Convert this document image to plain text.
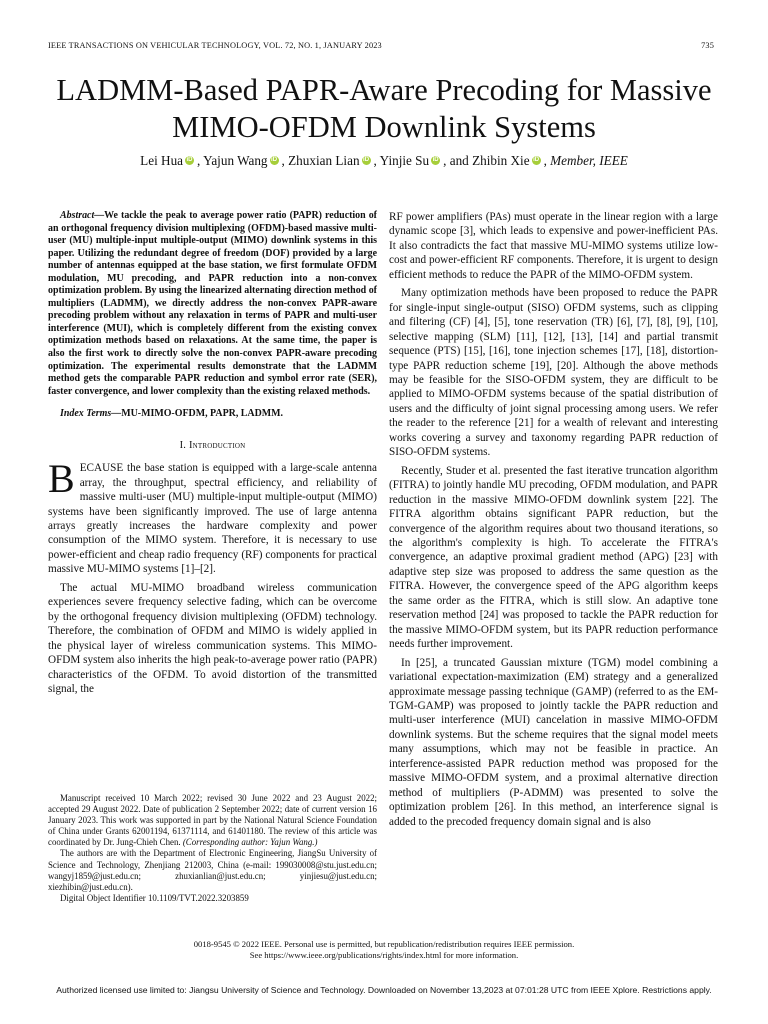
IEEE TRANSACTIONS ON VEHICULAR TECHNOLOGY, VOL. 72, NO. 1, JANUARY 2023	735
LADMM-Based PAPR-Aware Precoding for Massive
MIMO-OFDM Downlink Systems
Lei Hua iD , Yajun Wang iD , Zhuxian Lian iD , Yinjie Su iD , and Zhibin Xie iD , Member, IEEE

Abstract—We tackle the peak to average power ratio (PAPR) reduction of an orthogonal frequency division multiplexing (OFDM)-based massive multi-user (MU) multiple-input multiple-output (MIMO) downlink systems in this paper. Utilizing the redundant degree of freedom (DOF) provided by a large number of antennas equipped at the base station, we first formulate OFDM modulation, MU precoding, and PAPR reduction into a non-convex optimization problem. By using the linearized alternating direction method of multipliers (LADMM), we directly address the non-convex PAPR-aware precoding problem without any relaxation in terms of PAPR and multi-user interference (MUI), which is completely different from the existing convex optimization methods based on relaxations. At the same time, the paper is also the first work to directly solve the non-convex PAPR-aware precoding optimization. The experimental results demonstrate that the LADMM method gets the comparable PAPR reduction and symbol error rate (SER), faster convergence, and lower complexity than the existing relaxed methods.

Index Terms—MU-MIMO-OFDM, PAPR, LADMM.

I. Introduction

BECAUSE the base station is equipped with a large-scale antenna array, the throughput, spectral efficiency, and reliability of massive multi-user (MU) multiple-input multiple-output (MIMO) systems have been significantly improved. The use of large antenna arrays greatly increases the hardware complexity and power consumption of the MIMO system. Therefore, it is necessary to use power-efficient and cheap radio frequency (RF) components for practical massive MU-MIMO systems [1]–[2].

The actual MU-MIMO broadband wireless communication experiences severe frequency selective fading, which can be overcome by the orthogonal frequency division multiplexing (OFDM) technology. Therefore, the combination of OFDM and MIMO is widely applied in the physical layer of wireless communication systems. This MIMO-OFDM system also inherits the high peak-to-average power ratio (PAPR) characteristics of the OFDM. To avoid distortion of the transmitted signal, the

RF power amplifiers (PAs) must operate in the linear region with a large dynamic scope [3], which leads to expensive and power-inefficient PAs. It also contradicts the fact that massive MU-MIMO systems utilize low-cost and power-efficient RF components. Therefore, it is urgent to design efficient methods to reduce the PAPR of the MIMO-OFDM system.

Many optimization methods have been proposed to reduce the PAPR for single-input single-output (SISO) OFDM systems, such as clipping and filtering (CF) [4], [5], tone reservation (TR) [6], [7], [8], [9], [10], selective mapping (SLM) [11], [12], [13], [14] and partial transmit sequence (PTS) [15], [16], tone injection schemes [17], [18], distortion-type PAPR reduction scheme [19], [20]. Although the above methods may be feasible for the SISO-OFDM system, they are difficult to be applied to MIMO-OFDM systems because of the spatial distribution of users and the difficulty of joint signal processing among users. We refer the reader to the reference [21] for a wealth of relevant and interesting works covering a survey and taxonomy regarding PAPR reduction of SISO-OFDM systems.

Recently, Studer et al. presented the fast iterative truncation algorithm (FITRA) to jointly handle MU precoding, OFDM modulation, and PAPR reduction in the massive MIMO-OFDM downlink system [22]. The FITRA algorithm obtains significant PAPR reduction, but the convergence of the algorithm requires about two thousand iterations, so the algorithm's complexity is high. To accelerate the FITRA's convergence, an adaptive proximal gradient method (APG) [23] with adaptive step size was proposed to address the same question as the FITRA. However, the convergence speed of the APG algorithm keeps the same order as the FITRA, which is still slow. An adaptive tone reservation method [24] was proposed to tackle the PAPR reduction for the massive MIMO-OFDM system, but its PAPR reduction performance needs further improvement.

In [25], a truncated Gaussian mixture (TGM) model combining a variational expectation-maximization (EM) strategy and a generalized approximate message passing technique (GAMP) (referred to as the EM-TGM-GAMP) was proposed to jointly tackle the PAPR reduction and multi-user interference (MUI) cancelation in massive MIMO-OFDM downlink systems. But the scheme requires that the signal model meets many assumptions, which may not be feasible in practice. An interference-assisted PAPR reduction method was proposed for the massive MIMO-OFDM system, and a proximal alternative direction method of multipliers (P-ADMM) was presented to solve the optimization problem [26]. In this method, an interference signal is added to the precoded frequency domain signal and is also

Manuscript received 10 March 2022; revised 30 June 2022 and 23 August 2022; accepted 29 August 2022. Date of publication 2 September 2022; date of current version 16 January 2023. This work was supported in part by the National Natural Science Foundation of China under Grants 62001194, 61371114, and 61401180. The review of this article was coordinated by Dr. Jung-Chieh Chen. (Corresponding author: Yajun Wang.)

The authors are with the Department of Electronic Engineering, JiangSu University of Science and Technology, Zhenjiang 212003, China (e-mail: 199030008@stu.just.edu.cn; wangyj1859@just.edu.cn; zhuxianlian@just.edu.cn; yinjiesu@just.edu.cn; xiezhibin@just.edu.cn).

Digital Object Identifier 10.1109/TVT.2022.3203859

0018-9545 © 2022 IEEE. Personal use is permitted, but republication/redistribution requires IEEE permission.

See https://www.ieee.org/publications/rights/index.html for more information.

Authorized licensed use limited to: Jiangsu University of Science and Technology. Downloaded on November 13,2023 at 07:01:28 UTC from IEEE Xplore. Restrictions apply.
